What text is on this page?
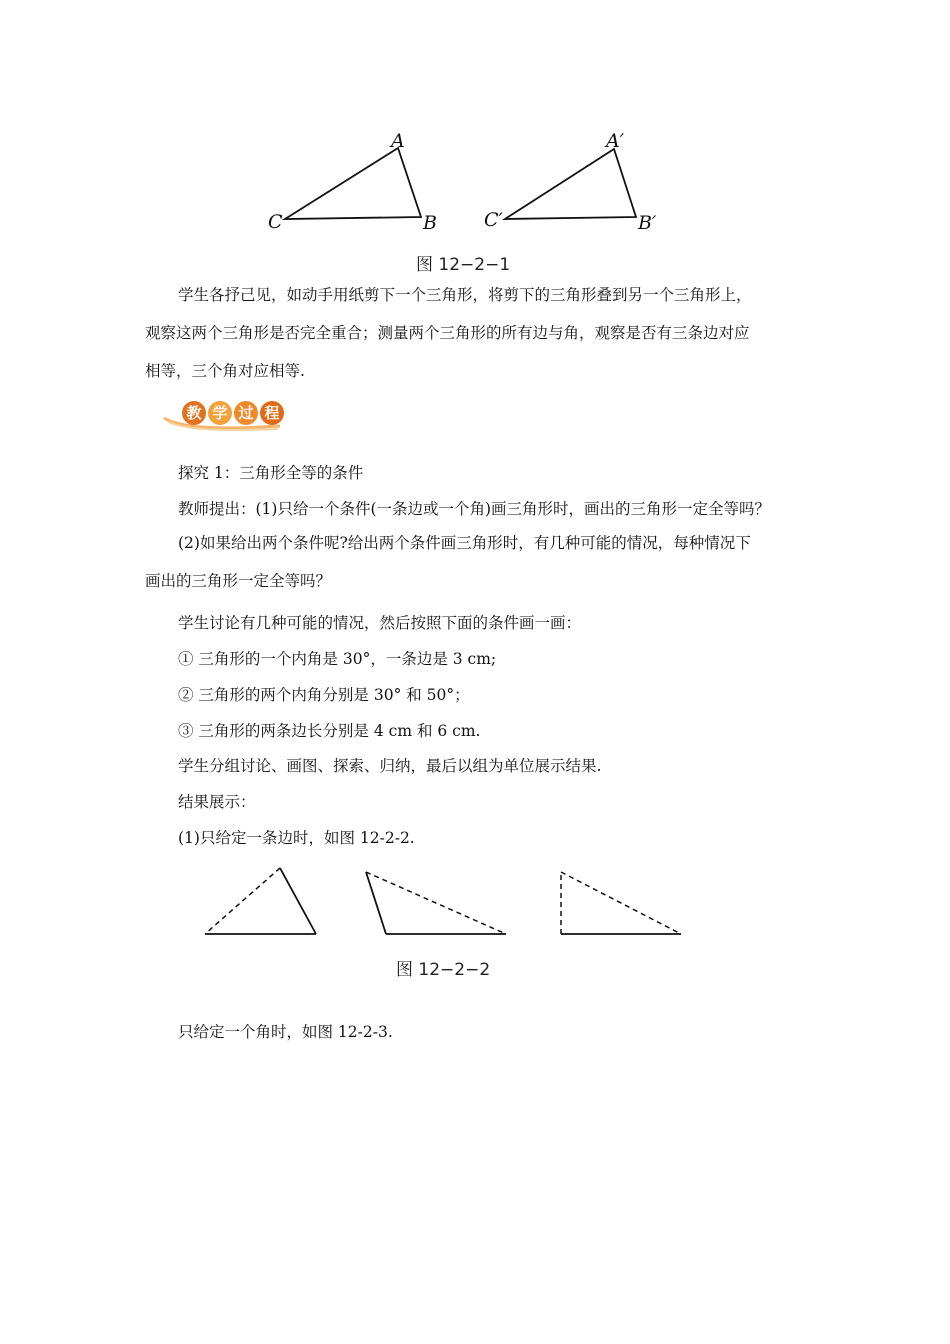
A
B
C
A′
B′
C′
图 12−2−1
学生各抒己见，如动手用纸剪下一个三角形，将剪下的三角形叠到另一个三角形上，
观察这两个三角形是否完全重合；测量两个三角形的所有边与角，观察是否有三条边对应
相等，三个角对应相等.
教 学 过 程
探究 1：三角形全等的条件
教师提出：(1)只给一个条件(一条边或一个角)画三角形时，画出的三角形一定全等吗？
(2)如果给出两个条件呢?给出两个条件画三角形时，有几种可能的情况，每种情况下
画出的三角形一定全等吗？
学生讨论有几种可能的情况，然后按照下面的条件画一画：
① 三角形的一个内角是 30°，一条边是 3 cm;
② 三角形的两个内角分别是 30° 和 50°；
③ 三角形的两条边长分别是 4 cm 和 6 cm.
学生分组讨论、画图、探索、归纳，最后以组为单位展示结果.
结果展示：
(1)只给定一条边时，如图 12-2-2.
图 12−2−2
只给定一个角时，如图 12-2-3.
